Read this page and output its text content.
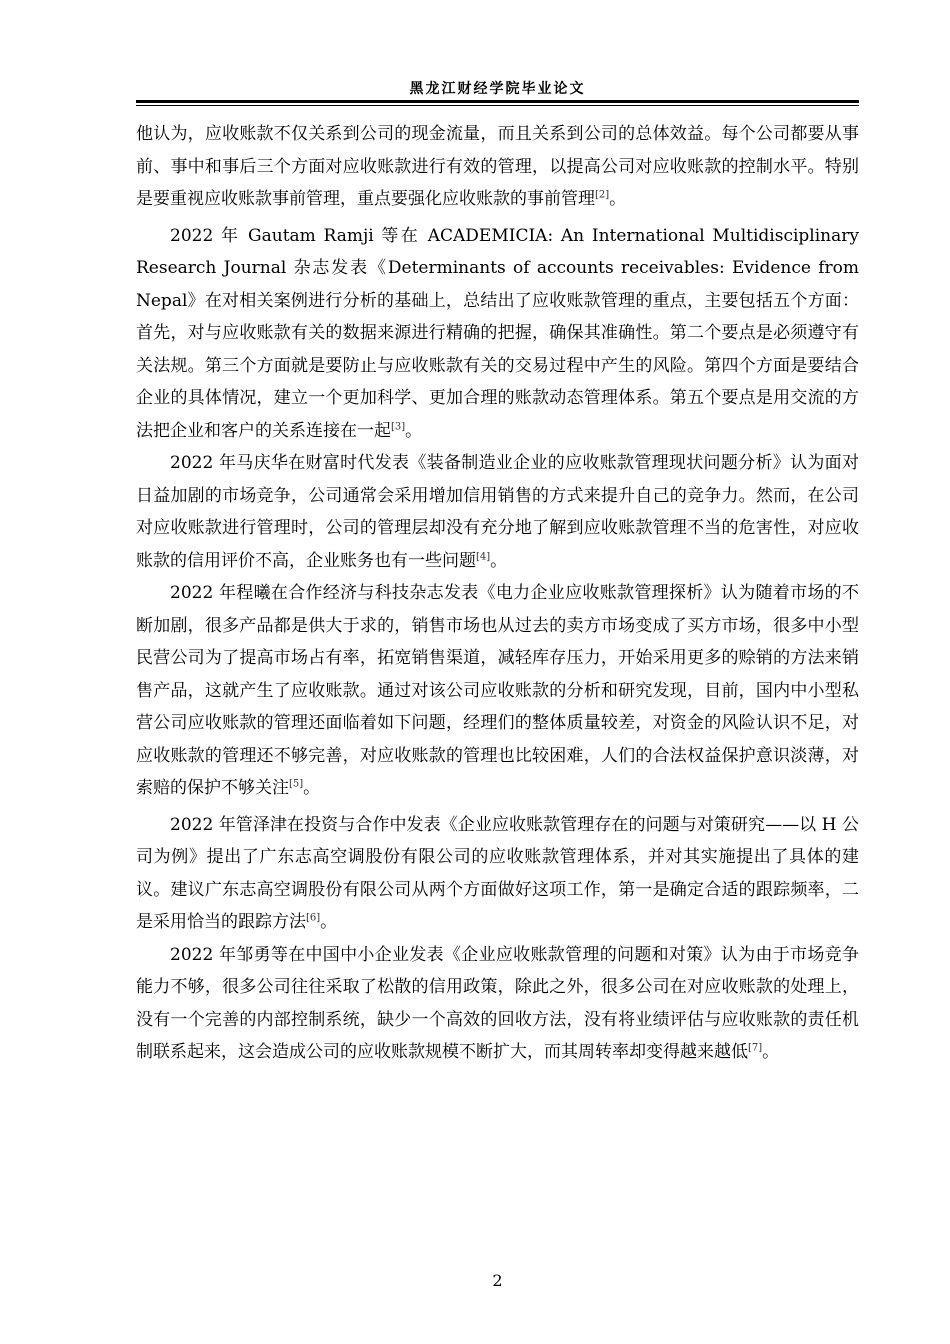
黑龙江财经学院毕业论文

他认为，应收账款不仅关系到公司的现金流量，而且关系到公司的总体效益。每个公司都要从事前、事中和事后三个方面对应收账款进行有效的管理，以提高公司对应收账款的控制水平。特别是要重视应收账款事前管理，重点要强化应收账款的事前管理[2]。

2022 年 Gautam Ramji 等在 ACADEMICIA: An International Multidisciplinary Research Journal 杂志发表《Determinants of accounts receivables: Evidence from Nepal》在对相关案例进行分析的基础上，总结出了应收账款管理的重点，主要包括五个方面：首先，对与应收账款有关的数据来源进行精确的把握，确保其准确性。第二个要点是必须遵守有关法规。第三个方面就是要防止与应收账款有关的交易过程中产生的风险。第四个方面是要结合企业的具体情况，建立一个更加科学、更加合理的账款动态管理体系。第五个要点是用交流的方法把企业和客户的关系连接在一起[3]。

2022 年马庆华在财富时代发表《装备制造业企业的应收账款管理现状问题分析》认为面对日益加剧的市场竞争，公司通常会采用增加信用销售的方式来提升自己的竞争力。然而，在公司对应收账款进行管理时，公司的管理层却没有充分地了解到应收账款管理不当的危害性，对应收账款的信用评价不高，企业账务也有一些问题[4]。

2022 年程曦在合作经济与科技杂志发表《电力企业应收账款管理探析》认为随着市场的不断加剧，很多产品都是供大于求的，销售市场也从过去的卖方市场变成了买方市场，很多中小型民营公司为了提高市场占有率，拓宽销售渠道，减轻库存压力，开始采用更多的赊销的方法来销售产品，这就产生了应收账款。通过对该公司应收账款的分析和研究发现，目前，国内中小型私营公司应收账款的管理还面临着如下问题，经理们的整体质量较差，对资金的风险认识不足，对应收账款的管理还不够完善，对应收账款的管理也比较困难，人们的合法权益保护意识淡薄，对索赔的保护不够关注[5]。

2022 年管泽津在投资与合作中发表《企业应收账款管理存在的问题与对策研究——以 H 公司为例》提出了广东志高空调股份有限公司的应收账款管理体系，并对其实施提出了具体的建议。建议广东志高空调股份有限公司从两个方面做好这项工作，第一是确定合适的跟踪频率，二是采用恰当的跟踪方法[6]。

2022 年邹勇等在中国中小企业发表《企业应收账款管理的问题和对策》认为由于市场竞争能力不够，很多公司往往采取了松散的信用政策，除此之外，很多公司在对应收账款的处理上，没有一个完善的内部控制系统，缺少一个高效的回收方法，没有将业绩评估与应收账款的责任机制联系起来，这会造成公司的应收账款规模不断扩大，而其周转率却变得越来越低[7]。

2
